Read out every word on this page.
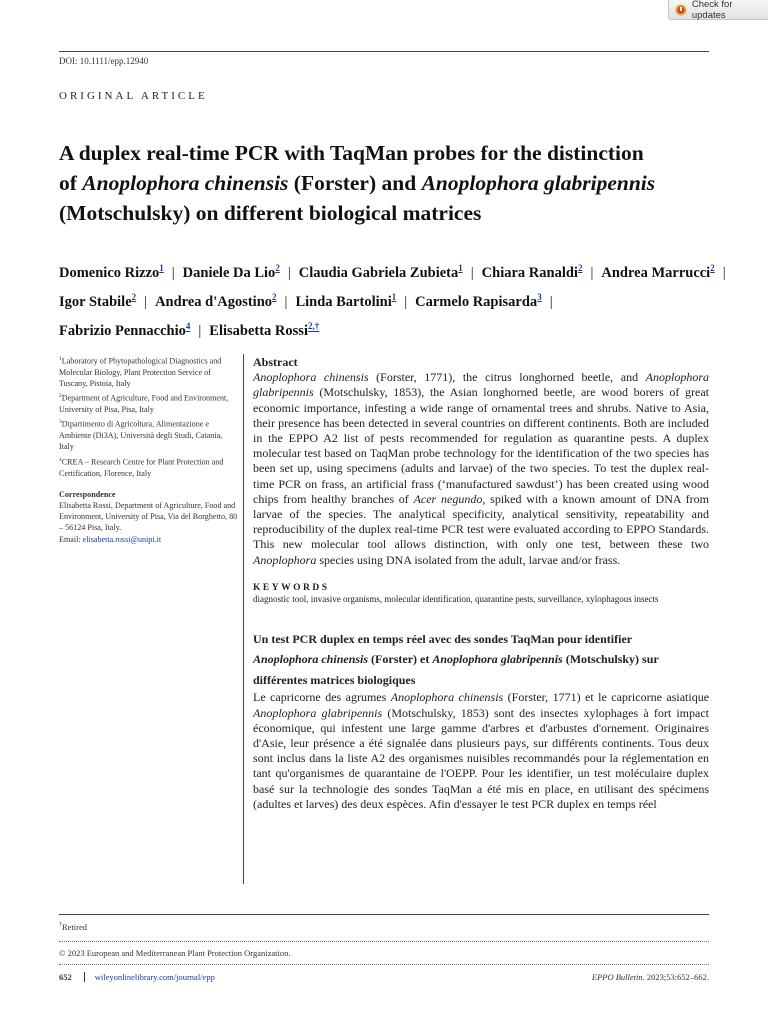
Check for updates
DOI: 10.1111/epp.12940
ORIGINAL ARTICLE
A duplex real-time PCR with TaqMan probes for the distinction
of Anoplophora chinensis (Forster) and Anoplophora glabripennis
(Motschulsky) on different biological matrices
Domenico Rizzo$^1$ | Daniele Da Lio$^2$ | Claudia Gabriela Zubieta$^1$ | Chiara Ranaldi$^2$ | Andrea Marrucci$^2$ |
Igor Stabile$^2$ | Andrea d'Agostino$^2$ | Linda Bartolini$^1$ | Carmelo Rapisarda$^3$ |
Fabrizio Pennacchio$^4$ | Elisabetta Rossi$^{2,\dagger}$
$^1$Laboratory of Phytopathological Diagnostics and Molecular Biology, Plant Protection Service of Tuscany, Pistoia, Italy
$^2$Department of Agriculture, Food and Environment, University of Pisa, Pisa, Italy
$^3$Dipartimento di Agricoltura, Alimentazione e Ambiente (Di3A), Università degli Studi, Catania, Italy
$^4$CREA – Research Centre for Plant Protection and Certification, Florence, Italy
Correspondence
Elisabetta Rossi, Department of Agriculture, Food and Environment, University of Pisa, Via del Borghetto, 80 – 56124 Pisa, Italy.
Email: elisabetta.rossi@unipi.it
Abstract
Anoplophora chinensis (Forster, 1771), the citrus longhorned beetle, and Anoplophora glabripennis (Motschulsky, 1853), the Asian longhorned beetle, are wood borers of great economic importance, infesting a wide range of ornamental trees and shrubs. Native to Asia, their presence has been detected in several countries on different continents. Both are included in the EPPO A2 list of pests recommended for regulation as quarantine pests. A duplex molecular test based on TaqMan probe technology for the identification of the two species has been set up, using specimens (adults and larvae) of the two species. To test the duplex real-time PCR on frass, an artificial frass (‘manufactured sawdust’) has been created using wood chips from healthy branches of Acer negundo, spiked with a known amount of DNA from larvae of the species. The analytical specificity, analytical sensitivity, repeatability and reproducibility of the duplex real-time PCR test were evaluated according to EPPO Standards. This new molecular tool allows distinction, with only one test, between these two Anoplophora species using DNA isolated from the adult, larvae and/or frass.
KEYWORDS
diagnostic tool, invasive organisms, molecular identification, quarantine pests, surveillance, xylophagous insects
Un test PCR duplex en temps réel avec des sondes TaqMan pour identifier
Anoplophora chinensis (Forster) et Anoplophora glabripennis (Motschulsky) sur différentes matrices biologiques
Le capricorne des agrumes Anoplophora chinensis (Forster, 1771) et le capricorne asiatique Anoplophora glabripennis (Motschulsky, 1853) sont des insectes xylophages à fort impact économique, qui infestent une large gamme d'arbres et d'arbustes d'ornement. Originaires d'Asie, leur présence a été signalée dans plusieurs pays, sur différents continents. Tous deux sont inclus dans la liste A2 des organismes nuisibles recommandés pour la réglementation en tant qu'organismes de quarantaine de l'OEPP. Pour les identifier, un test moléculaire duplex basé sur la technologie des sondes TaqMan a été mis en place, en utilisant des spécimens (adultes et larves) des deux espèces. Afin d'essayer le test PCR duplex en temps réel
†Retired
© 2023 European and Mediterranean Plant Protection Organization.
652	wileyonlinelibrary.com/journal/epp	EPPO Bulletin. 2023;53:652–662.
